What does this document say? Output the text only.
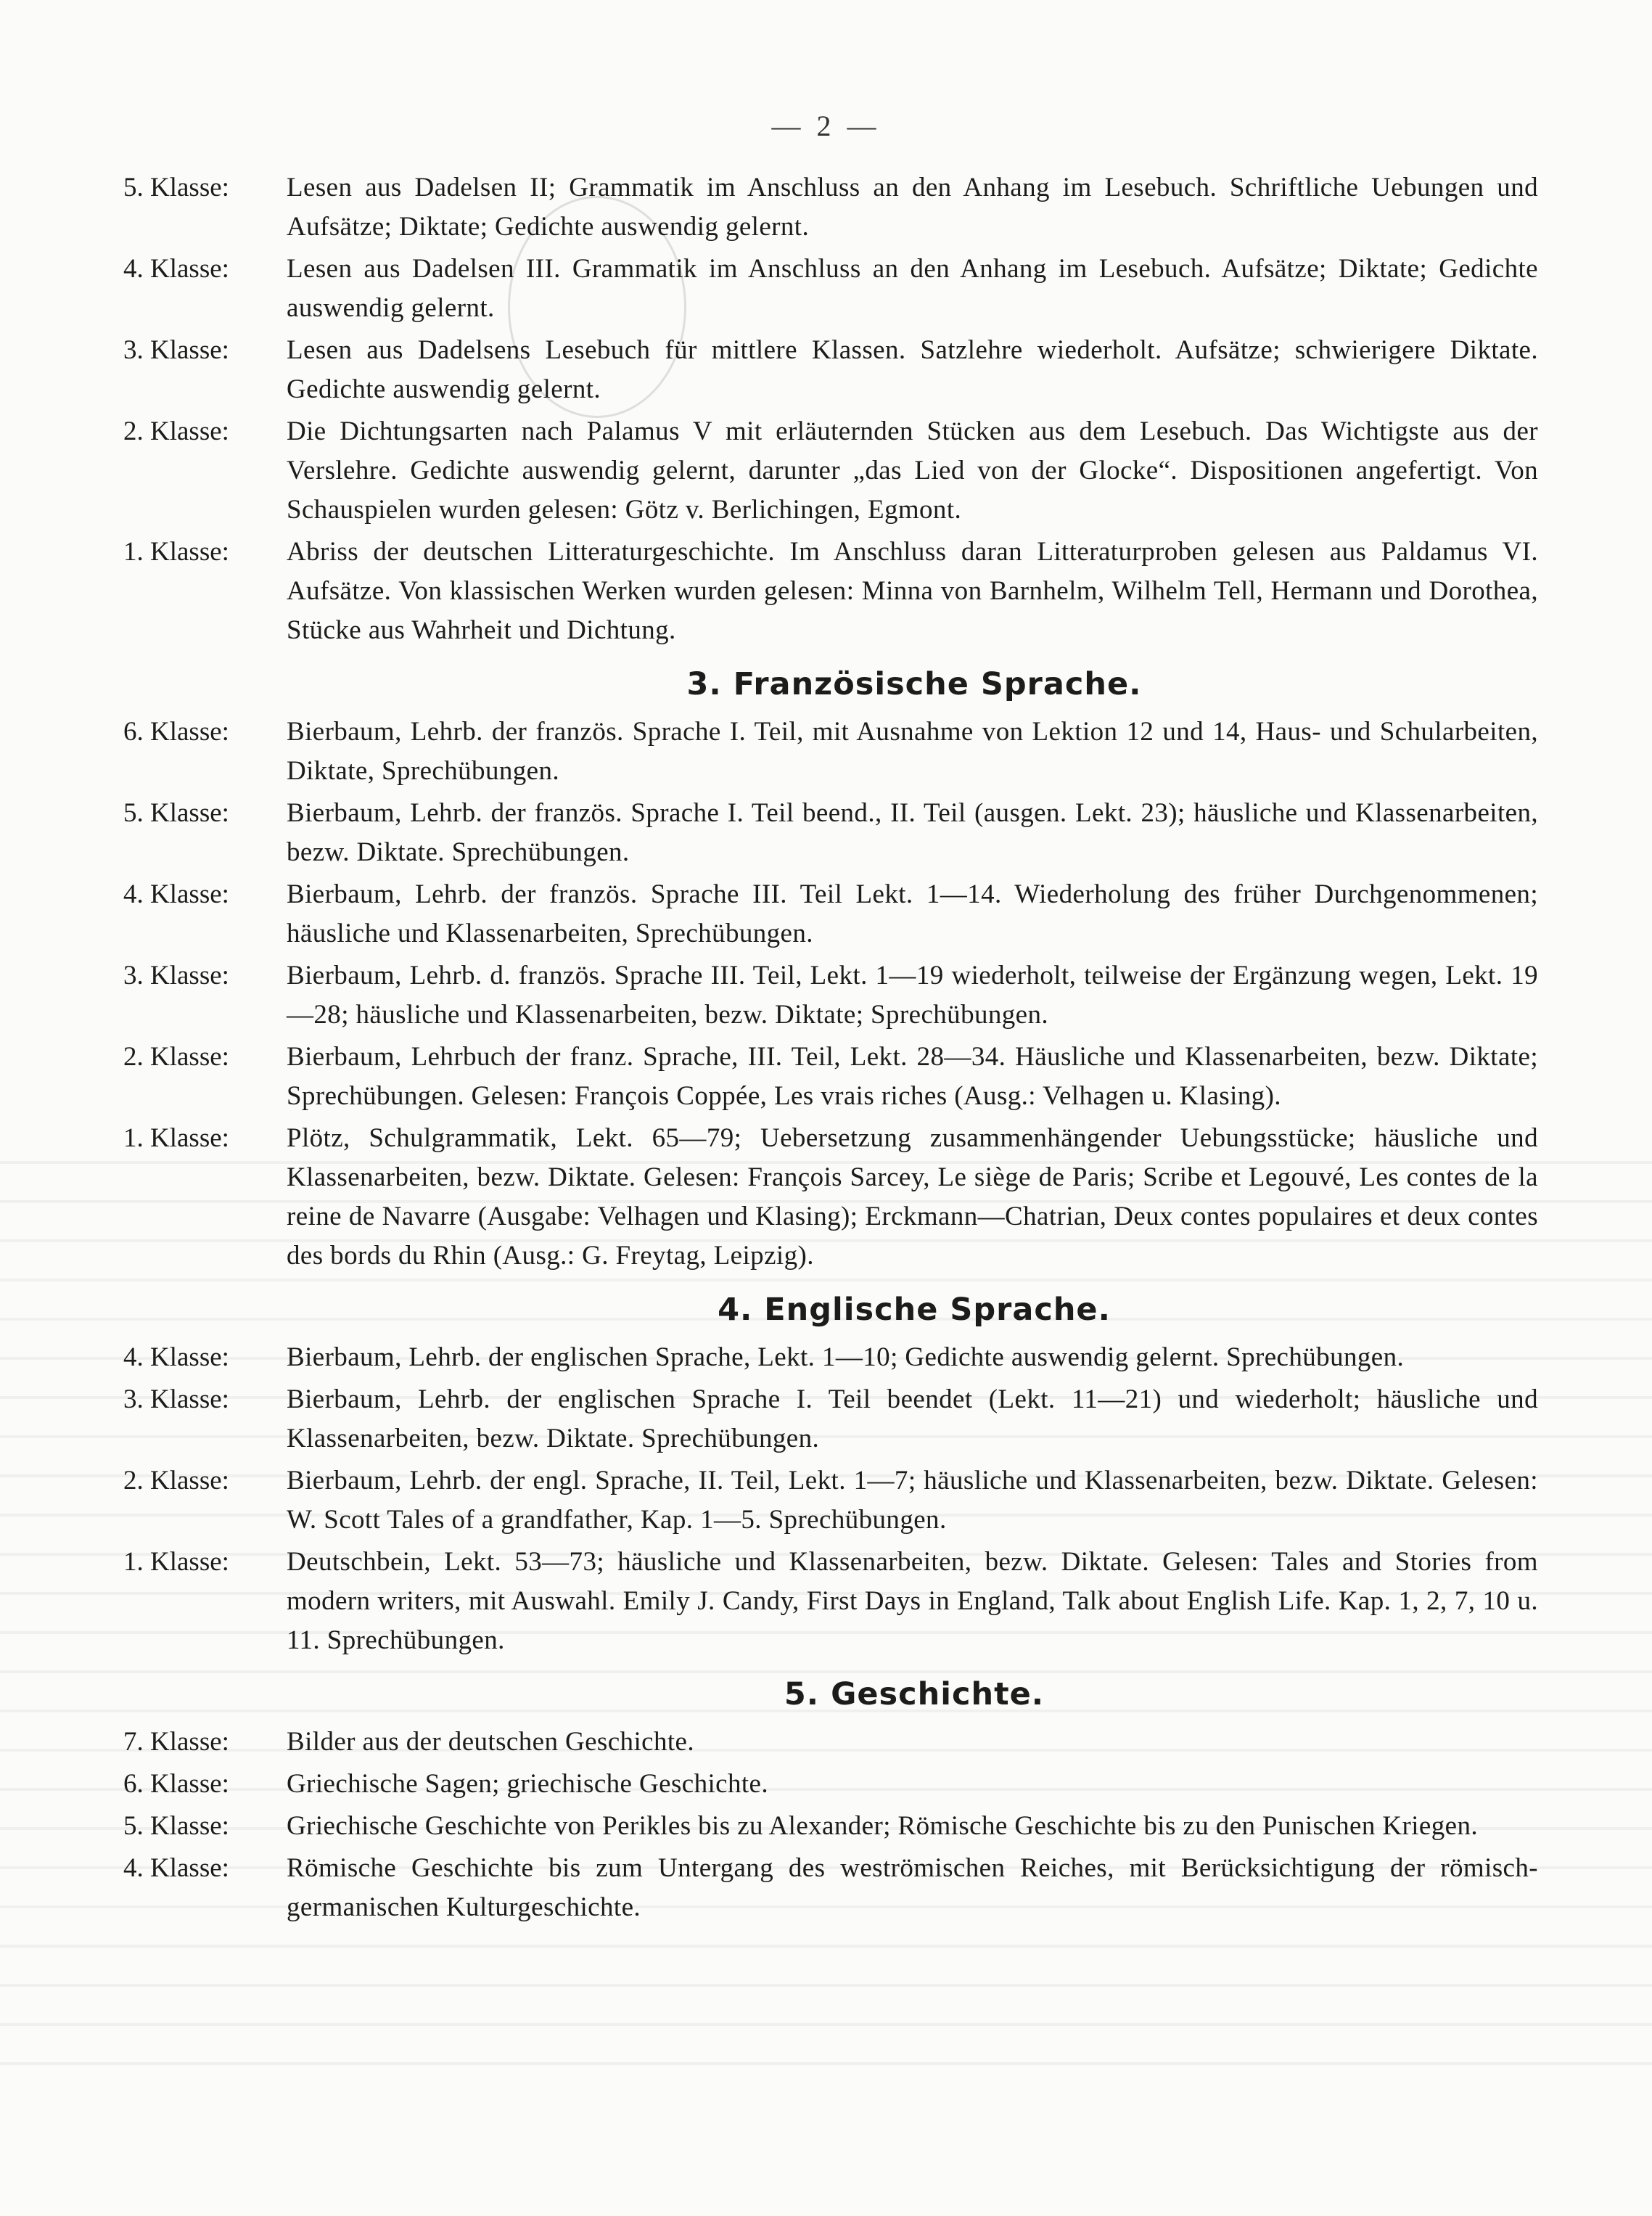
— 2 —
5. Klasse:	Lesen aus Dadelsen II; Grammatik im Anschluss an den Anhang im Lesebuch. Schriftliche Uebungen und Aufsätze; Diktate; Gedichte auswendig gelernt.
4. Klasse:	Lesen aus Dadelsen III. Grammatik im Anschluss an den Anhang im Lesebuch. Aufsätze; Diktate; Gedichte auswendig gelernt.
3. Klasse:	Lesen aus Dadelsens Lesebuch für mittlere Klassen. Satzlehre wiederholt. Aufsätze; schwierigere Diktate. Gedichte auswendig gelernt.
2. Klasse:	Die Dichtungsarten nach Palamus V mit erläuternden Stücken aus dem Lesebuch. Das Wichtigste aus der Verslehre. Gedichte auswendig gelernt, darunter „das Lied von der Glocke“. Dispositionen angefertigt. Von Schauspielen wurden gelesen: Götz v. Berlichingen, Egmont.
1. Klasse:	Abriss der deutschen Litteraturgeschichte. Im Anschluss daran Litteraturproben gelesen aus Paldamus VI. Aufsätze. Von klassischen Werken wurden gelesen: Minna von Barnhelm, Wilhelm Tell, Hermann und Dorothea, Stücke aus Wahrheit und Dichtung.
3. Französische Sprache.
6. Klasse:	Bierbaum, Lehrb. der französ. Sprache I. Teil, mit Ausnahme von Lektion 12 und 14, Haus- und Schularbeiten, Diktate, Sprechübungen.
5. Klasse:	Bierbaum, Lehrb. der französ. Sprache I. Teil beend., II. Teil (ausgen. Lekt. 23); häusliche und Klassenarbeiten, bezw. Diktate. Sprechübungen.
4. Klasse:	Bierbaum, Lehrb. der französ. Sprache III. Teil Lekt. 1—14. Wiederholung des früher Durchgenommenen; häusliche und Klassenarbeiten, Sprechübungen.
3. Klasse:	Bierbaum, Lehrb. d. französ. Sprache III. Teil, Lekt. 1—19 wiederholt, teilweise der Ergänzung wegen, Lekt. 19—28; häusliche und Klassenarbeiten, bezw. Diktate; Sprechübungen.
2. Klasse:	Bierbaum, Lehrbuch der franz. Sprache, III. Teil, Lekt. 28—34. Häusliche und Klassenarbeiten, bezw. Diktate; Sprechübungen. Gelesen: François Coppée, Les vrais riches (Ausg.: Velhagen u. Klasing).
1. Klasse:	Plötz, Schulgrammatik, Lekt. 65—79; Uebersetzung zusammenhängender Uebungsstücke; häusliche und Klassenarbeiten, bezw. Diktate. Gelesen: François Sarcey, Le siège de Paris; Scribe et Legouvé, Les contes de la reine de Navarre (Ausgabe: Velhagen und Klasing); Erckmann—Chatrian, Deux contes populaires et deux contes des bords du Rhin (Ausg.: G. Freytag, Leipzig).
4. Englische Sprache.
4. Klasse:	Bierbaum, Lehrb. der englischen Sprache, Lekt. 1—10; Gedichte auswendig gelernt. Sprechübungen.
3. Klasse:	Bierbaum, Lehrb. der englischen Sprache I. Teil beendet (Lekt. 11—21) und wiederholt; häusliche und Klassenarbeiten, bezw. Diktate. Sprechübungen.
2. Klasse:	Bierbaum, Lehrb. der engl. Sprache, II. Teil, Lekt. 1—7; häusliche und Klassenarbeiten, bezw. Diktate. Gelesen: W. Scott Tales of a grandfather, Kap. 1—5. Sprechübungen.
1. Klasse:	Deutschbein, Lekt. 53—73; häusliche und Klassenarbeiten, bezw. Diktate. Gelesen: Tales and Stories from modern writers, mit Auswahl. Emily J. Candy, First Days in England, Talk about English Life. Kap. 1, 2, 7, 10 u. 11. Sprechübungen.
5. Geschichte.
7. Klasse:	Bilder aus der deutschen Geschichte.
6. Klasse:	Griechische Sagen; griechische Geschichte.
5. Klasse:	Griechische Geschichte von Perikles bis zu Alexander; Römische Geschichte bis zu den Punischen Kriegen.
4. Klasse:	Römische Geschichte bis zum Untergang des weströmischen Reiches, mit Berücksichtigung der römisch-germanischen Kulturgeschichte.
